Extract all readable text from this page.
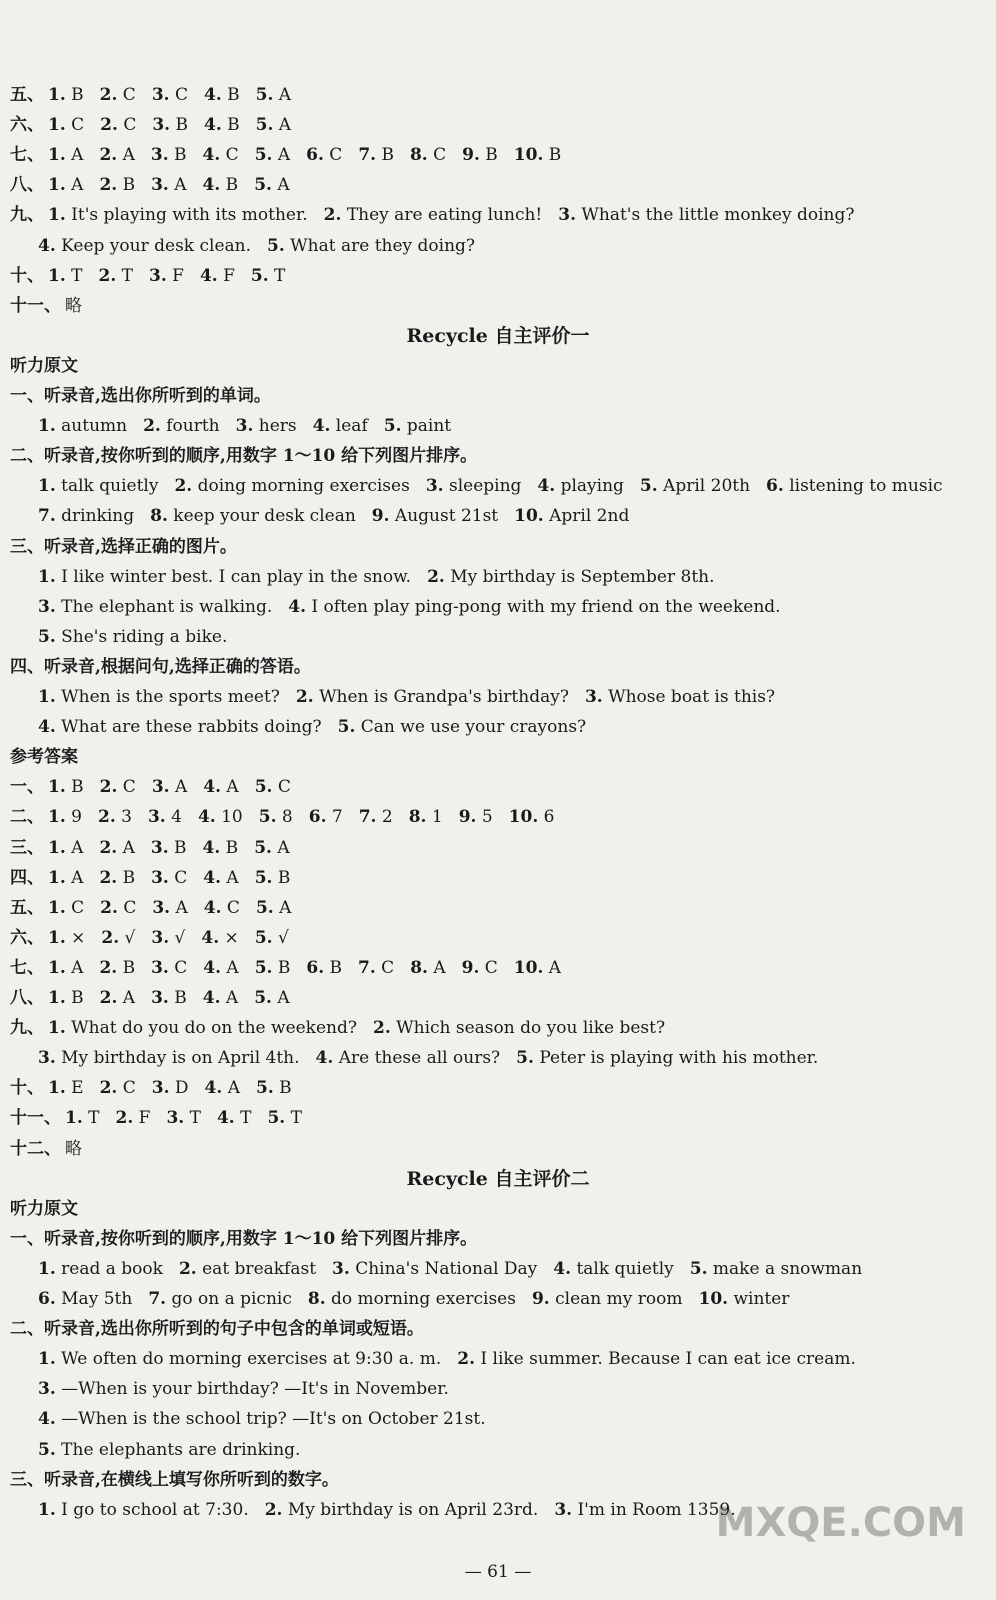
五、 1. B 2. C 3. C 4. B 5. A
六、 1. C 2. C 3. B 4. B 5. A
七、 1. A 2. A 3. B 4. C 5. A 6. C 7. B 8. C 9. B 10. B
八、 1. A 2. B 3. A 4. B 5. A
九、 1. It's playing with its mother. 2. They are eating lunch! 3. What's the little monkey doing?
4. Keep your desk clean. 5. What are they doing?
十、 1. T 2. T 3. F 4. F 5. T
十一、 略
Recycle 自主评价一
听力原文
一、听录音,选出你所听到的单词。
1. autumn 2. fourth 3. hers 4. leaf 5. paint
二、听录音,按你听到的顺序,用数字 1～10 给下列图片排序。
1. talk quietly 2. doing morning exercises 3. sleeping 4. playing 5. April 20th 6. listening to music
7. drinking 8. keep your desk clean 9. August 21st 10. April 2nd
三、听录音,选择正确的图片。
1. I like winter best. I can play in the snow. 2. My birthday is September 8th.
3. The elephant is walking. 4. I often play ping-pong with my friend on the weekend.
5. She's riding a bike.
四、听录音,根据问句,选择正确的答语。
1. When is the sports meet? 2. When is Grandpa's birthday? 3. Whose boat is this?
4. What are these rabbits doing? 5. Can we use your crayons?
参考答案
一、 1. B 2. C 3. A 4. A 5. C
二、 1. 9 2. 3 3. 4 4. 10 5. 8 6. 7 7. 2 8. 1 9. 5 10. 6
三、 1. A 2. A 3. B 4. B 5. A
四、 1. A 2. B 3. C 4. A 5. B
五、 1. C 2. C 3. A 4. C 5. A
六、 1. × 2. √ 3. √ 4. × 5. √
七、 1. A 2. B 3. C 4. A 5. B 6. B 7. C 8. A 9. C 10. A
八、 1. B 2. A 3. B 4. A 5. A
九、 1. What do you do on the weekend? 2. Which season do you like best?
3. My birthday is on April 4th. 4. Are these all ours? 5. Peter is playing with his mother.
十、 1. E 2. C 3. D 4. A 5. B
十一、 1. T 2. F 3. T 4. T 5. T
十二、 略
Recycle 自主评价二
听力原文
一、听录音,按你听到的顺序,用数字 1～10 给下列图片排序。
1. read a book 2. eat breakfast 3. China's National Day 4. talk quietly 5. make a snowman
6. May 5th 7. go on a picnic 8. do morning exercises 9. clean my room 10. winter
二、听录音,选出你所听到的句子中包含的单词或短语。
1. We often do morning exercises at 9:30 a. m. 2. I like summer. Because I can eat ice cream.
3. —When is your birthday? —It's in November.
4. —When is the school trip? —It's on October 21st.
5. The elephants are drinking.
三、听录音,在横线上填写你所听到的数字。
1. I go to school at 7:30. 2. My birthday is on April 23rd. 3. I'm in Room 1359.
MXQE.COM
— 61 —
